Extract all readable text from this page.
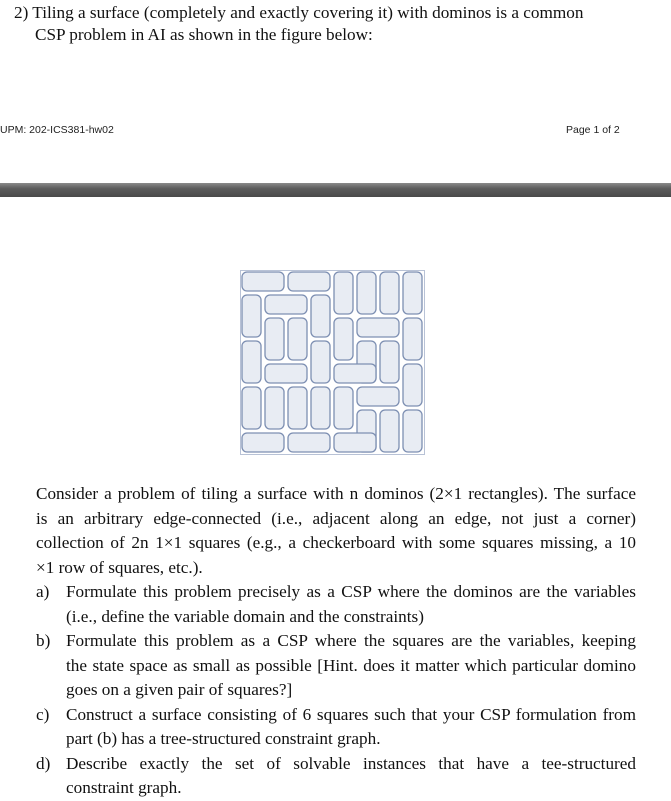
2) Tiling a surface (completely and exactly covering it) with dominos is a common
CSP problem in AI as shown in the figure below:
UPM: 202-ICS381-hw02	Page 1 of 2
Consider a problem of tiling a surface with n dominos (2×1 rectangles). The surface
is an arbitrary edge-connected (i.e., adjacent along an edge, not just a corner)
collection of 2n 1×1 squares (e.g., a checkerboard with some squares missing, a 10
×1 row of squares, etc.).
a) Formulate this problem precisely as a CSP where the dominos are the variables
(i.e., define the variable domain and the constraints)
b) Formulate this problem as a CSP where the squares are the variables, keeping
the state space as small as possible [Hint. does it matter which particular domino
goes on a given pair of squares?]
c) Construct a surface consisting of 6 squares such that your CSP formulation from
part (b) has a tree-structured constraint graph.
d) Describe exactly the set of solvable instances that have a tee-structured
constraint graph.
